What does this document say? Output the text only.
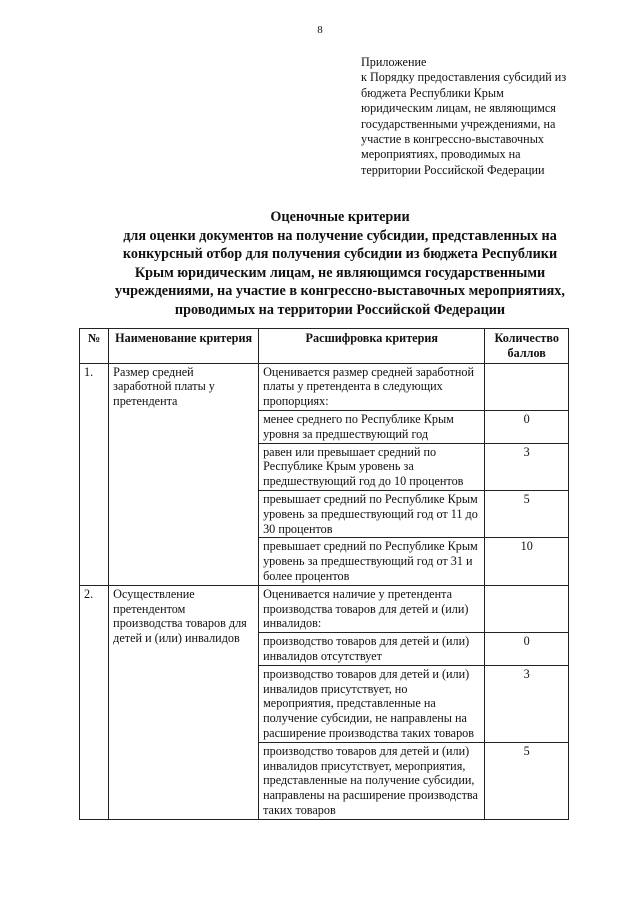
8
Приложение
к Порядку предоставления субсидий из
бюджета Республики Крым
юридическим лицам, не являющимся
государственными учреждениями, на
участие в конгрессно-выставочных
мероприятиях, проводимых на
территории Российской Федерации
Оценочные критерии
для оценки документов на получение субсидии, представленных на
конкурсный отбор для получения субсидии из бюджета Республики
Крым юридическим лицам, не являющимся государственными
учреждениями, на участие в конгрессно-выставочных мероприятиях,
проводимых на территории Российской Федерации
№	Наименование критерия	Расшифровка критерия	Количество баллов
1.	Размер средней заработной платы у претендента	Оценивается размер средней заработной платы у претендента в следующих пропорциях:	
		менее среднего по Республике Крым уровня за предшествующий год	0
		равен или превышает средний по Республике Крым уровень за предшествующий год до 10 процентов	3
		превышает средний по Республике Крым уровень за предшествующий год от 11 до 30 процентов	5
		превышает средний по Республике Крым уровень за предшествующий год от 31 и более процентов	10
2.	Осуществление претендентом производства товаров для детей и (или) инвалидов	Оценивается наличие у претендента производства товаров для детей и (или) инвалидов:	
		производство товаров для детей и (или) инвалидов отсутствует	0
		производство товаров для детей и (или) инвалидов присутствует, но мероприятия, представленные на получение субсидии, не направлены на расширение производства таких товаров	3
		производство товаров для детей и (или) инвалидов присутствует, мероприятия, представленные на получение субсидии, направлены на расширение производства таких товаров	5
